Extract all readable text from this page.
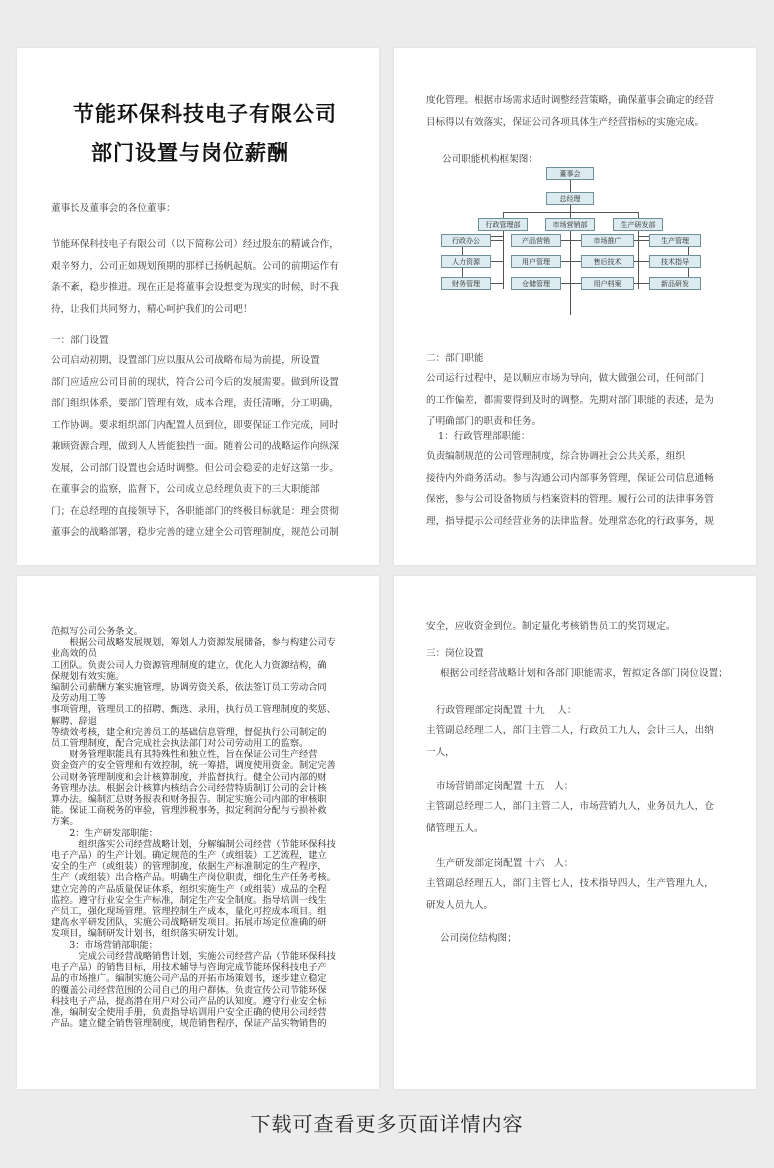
节能环保科技电子有限公司
部门设置与岗位薪酬
董事长及董事会的各位董事：

节能环保科技电子有限公司（以下简称公司）经过股东的精诚合作，

艰辛努力，公司正如规划预期的那样已扬帆起航。公司的前期运作有

条不紊，稳步推进。现在正是将董事会设想变为现实的时候，时不我

待，让我们共同努力，精心呵护我们的公司吧！

一：部门设置

公司启动初期，设置部门应以服从公司战略布局为前提，所设置

部门应适应公司目前的现状，符合公司今后的发展需要。做到所设置

部门组织体系，要部门管理有效，成本合理，责任清晰，分工明确，

工作协调。要求组织部门内配置人员到位，即要保证工作完成，同时

兼顾资源合理，做到人人皆能独挡一面。随着公司的战略运作向纵深

发展，公司部门设置也会适时调整。但公司会稳妥的走好这第一步。

在董事会的监察，监督下，公司成立总经理负责下的三大职能部

门；在总经理的直接领导下，各职能部门的终极目标就是：理会贯彻

董事会的战略部署，稳步完善的建立建全公司管理制度，规范公司制

度化管理。根据市场需求适时调整经营策略，确保董事会确定的经营

目标得以有效落实，保证公司各项具体生产经营指标的实施完成。

公司职能机构框架图：
董事会
总经理
行政管理部	市场营销部	生产研发部
行政办公
人力资源
财务管理
产品营销
用户管理
仓储管理
市场推广
售后技术
用户档案
生产管理
技术指导
新品研发
二：部门职能

公司运行过程中，是以顺应市场为导向，做大做强公司，任何部门

的工作偏差，都需要得到及时的调整。先期对部门职能的表述，是为

了明确部门的职责和任务。

1：行政管理部职能：

负责编制规范的公司管理制度，综合协调社会公共关系，组织

接待内外商务活动。参与沟通公司内部事务管理，保证公司信息通畅

保密，参与公司设备物质与档案资料的管理。履行公司的法律事务管

理，指导提示公司经营业务的法律监督。处理常态化的行政事务，规

范拟写公司公务条文。

　　根据公司战略发展规划，筹划人力资源发展储备，参与构建公司专

业高效的员

工团队。负责公司人力资源管理制度的建立，优化人力资源结构，确

保规划有效实施。

编制公司薪酬方案实施管理，协调劳资关系，依法签订员工劳动合同

及劳动用工等

事项管理，管理员工的招聘、甄选、录用，执行员工管理制度的奖惩、

解聘、辞退

等绩效考核，建全和完善员工的基础信息管理，督促执行公司制定的

员工管理制度，配合完成社会执法部门对公司劳动用工的监察。

　　财务管理职能具有其特殊性和独立性，旨在保证公司生产经营

资金资产的安全管理和有效控制，统一筹措，调度使用资金。制定完善

公司财务管理制度和会计核算制度，并监督执行。健全公司内部的财

务管理办法。根据会计核算内核结合公司经营特质制订公司的会计核

算办法。编制汇总财务报表和财务报告。制定实施公司内部的审核职

能。保证工商税务的审验，管理涉税事务，拟定利润分配与亏损补救

方案。

　　2：生产研发部职能：

　　　组织落实公司经营战略计划，分解编制公司经营（节能环保科技

电子产品）的生产计划。确定规范的生产（或组装）工艺流程，建立

安全的生产（或组装）的管理制度，依据生产标准制定的生产程序，

生产（或组装）出合格产品。明确生产岗位职责，细化生产任务考核。

建立完善的产品质量保证体系，组织实施生产（或组装）成品的全程

监控。遵守行业安全生产标准，制定生产安全制度。指导培训一线生

产员工，强化现场管理。管理控制生产成本，量化可控成本项目。组

建高水平研发团队，实施公司战略研发项目。拓展市场定位准确的研

发项目，编制研发计划书，组织落实研发计划。

　　3：市场营销部职能：

　　　完成公司经营战略销售计划，实施公司经营产品（节能环保科技

电子产品）的销售目标，用技术辅导与咨询完成节能环保科技电子产

品的市场推广。编制实施公司产品的开拓市场策划书，逐步建立稳定

的覆盖公司经营范围的公司自己的用户群体。负责宣传公司节能环保

科技电子产品，提高潜在用户对公司产品的认知度。遵守行业安全标

准，编制安全使用手册，负责指导培训用户安全正确的使用公司经营

产品。建立健全销售管理制度，规范销售程序，保证产品实物销售的

安全，应收资金到位。制定量化考核销售员工的奖罚规定。
三：岗位设置
根据公司经营战略计划和各部门职能需求，暂拟定各部门岗位设置；
行政管理部定岗配置 十九　 人：

主管副总经理二人，部门主管二人，行政员工九人，会计三人，出纳

一人，

市场营销部定岗配置 十五　人：

主管副总经理二人，部门主管二人，市场营销九人，业务员九人，仓

储管理五人。

生产研发部定岗配置 十六　人：

主管副总经理五人，部门主管七人，技术指导四人，生产管理九人，

研发人员九人。

公司岗位结构图；
下载可查看更多页面详情内容
